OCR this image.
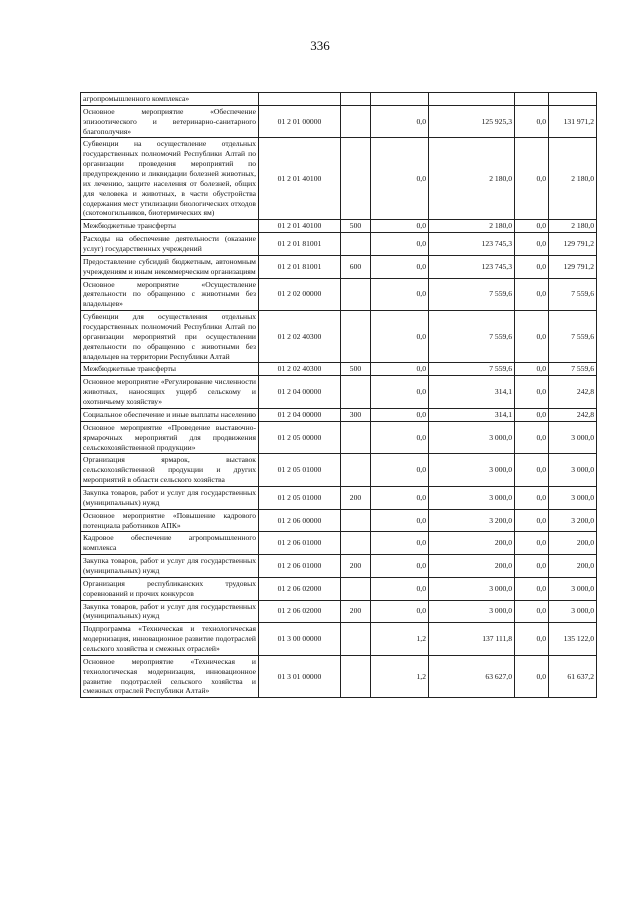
336
агропромышленного комплекса»						
Основное мероприятие «Обеспечение эпизоотического и ветеринарно-санитарного благополучия»	01 2 01 00000		0,0	125 925,3	0,0	131 971,2
Субвенции на осуществление отдельных государственных полномочий Республики Алтай по организации проведения мероприятий по предупреждению и ликвидации болезней животных, их лечению, защите населения от болезней, общих для человека и животных, в части обустройства содержания мест утилизации биологических отходов (скотомогильников, биотермических ям)	01 2 01 40100		0,0	2 180,0	0,0	2 180,0
Межбюджетные трансферты	01 2 01 40100	500	0,0	2 180,0	0,0	2 180,0
Расходы на обеспечение деятельности (оказание услуг) государственных учреждений	01 2 01 81001		0,0	123 745,3	0,0	129 791,2
Предоставление субсидий бюджетным, автономным учреждениям и иным некоммерческим организациям	01 2 01 81001	600	0,0	123 745,3	0,0	129 791,2
Основное мероприятие «Осуществление деятельности по обращению с животными без владельцев»	01 2 02 00000		0,0	7 559,6	0,0	7 559,6
Субвенции для осуществления отдельных государственных полномочий Республики Алтай по организации мероприятий при осуществлении деятельности по обращению с животными без владельцев на территории Республики Алтай	01 2 02 40300		0,0	7 559,6	0,0	7 559,6
Межбюджетные трансферты	01 2 02 40300	500	0,0	7 559,6	0,0	7 559,6
Основное мероприятие «Регулирование численности животных, наносящих ущерб сельскому и охотничьему хозяйству»	01 2 04 00000		0,0	314,1	0,0	242,8
Социальное обеспечение и иные выплаты населению	01 2 04 00000	300	0,0	314,1	0,0	242,8
Основное мероприятие «Проведение выставочно-ярмарочных мероприятий для продвижения сельскохозяйственной продукции»	01 2 05 00000		0,0	3 000,0	0,0	3 000,0
Организация ярмарок, выставок сельскохозяйственной продукции и других мероприятий в области сельского хозяйства	01 2 05 01000		0,0	3 000,0	0,0	3 000,0
Закупка товаров, работ и услуг для государственных (муниципальных) нужд	01 2 05 01000	200	0,0	3 000,0	0,0	3 000,0
Основное мероприятие «Повышение кадрового потенциала работников АПК»	01 2 06 00000		0,0	3 200,0	0,0	3 200,0
Кадровое обеспечение агропромышленного комплекса	01 2 06 01000		0,0	200,0	0,0	200,0
Закупка товаров, работ и услуг для государственных (муниципальных) нужд	01 2 06 01000	200	0,0	200,0	0,0	200,0
Организация республиканских трудовых соревнований и прочих конкурсов	01 2 06 02000		0,0	3 000,0	0,0	3 000,0
Закупка товаров, работ и услуг для государственных (муниципальных) нужд	01 2 06 02000	200	0,0	3 000,0	0,0	3 000,0
Подпрограмма «Техническая и технологическая модернизация, инновационное развитие подотраслей сельского хозяйства и смежных отраслей»	01 3 00 00000		1,2	137 111,8	0,0	135 122,0
Основное мероприятие «Техническая и технологическая модернизация, инновационное развитие подотраслей сельского хозяйства и смежных отраслей Республики Алтай»	01 3 01 00000		1,2	63 627,0	0,0	61 637,2
